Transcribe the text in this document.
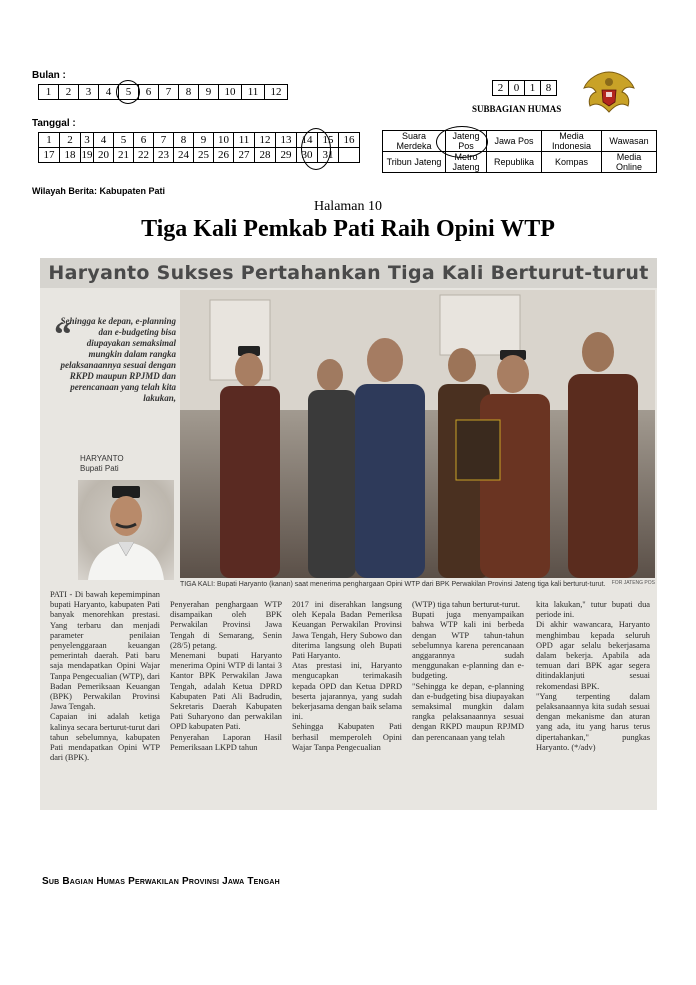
Bulan :
1	2	3	4	5	6	7	8	9	10	11	12	2	0	1	8
SUBBAGIAN HUMAS
Tanggal :
1	2	3	4	5	6	7	8	9	10	11	12	13	14	15	16
17	18	19	20	21	22	23	24	25	26	27	28	29	30	31	
Suara Merdeka	Jateng Pos	Jawa Pos	Media Indonesia	Wawasan
Tribun Jateng	Metro Jateng	Republika	Kompas	Media Online
Wilayah Berita: Kabupaten Pati
Halaman 10
Tiga Kali Pemkab Pati Raih Opini WTP
Haryanto Sukses Pertahankan Tiga Kali Berturut-turut
“
Sehingga ke depan, e-planning dan e-budgeting bisa diupayakan semaksimal mungkin dalam rangka pelaksanaannya sesuai dengan RKPD maupun RPJMD dan perencanaan yang telah kita lakukan,
HARYANTO
Bupati Pati
FOR JATENG POS
TIGA KALI: Bupati Haryanto (kanan) saat menerima penghargaan Opini WTP dari BPK Perwakilan Provinsi Jateng tiga kali berturut-turut.
PATI - Di bawah kepemimpinan bupati Haryanto, kabupaten Pati banyak menorehkan prestasi. Yang terbaru dan menjadi parameter penilaian penyelenggaraan keuangan pemerintah daerah. Pati baru saja mendapatkan Opini Wajar Tanpa Pengecualian (WTP), dari Badan Pemeriksaan Keuangan (BPK) Perwakilan Provinsi Jawa Tengah.
Capaian ini adalah ketiga kalinya secara berturut-turut dari tahun sebelumnya, kabupaten Pati mendapatkan Opini WTP dari (BPK).
Penyerahan penghargaan WTP disampaikan oleh BPK Perwakilan Provinsi Jawa Tengah di Semarang, Senin (28/5) petang.
Menemani bupati Haryanto menerima Opini WTP di lantai 3 Kantor BPK Perwakilan Jawa Tengah, adalah Ketua DPRD Kabupaten Pati Ali Badrudin, Sekretaris Daerah Kabupaten Pati Suharyono dan perwakilan OPD kabupaten Pati.
Penyerahan Laporan Hasil Pemeriksaan LKPD tahun
2017 ini diserahkan langsung oleh Kepala Badan Pemeriksa Keuangan Perwakilan Provinsi Jawa Tengah, Hery Subowo dan diterima langsung oleh Bupati Pati Haryanto.
Atas prestasi ini, Haryanto mengucapkan terimakasih kepada OPD dan Ketua DPRD beserta jajarannya, yang sudah bekerjasama dengan baik selama ini.
Sehingga Kabupaten Pati berhasil memperoleh Opini Wajar Tanpa Pengecualian
(WTP) tiga tahun berturut-turut.
Bupati juga menyampaikan bahwa WTP kali ini berbeda dengan WTP tahun-tahun sebelumnya karena perencanaan anggarannya sudah menggunakan e-planning dan e-budgeting.
"Sehingga ke depan, e-planning dan e-budgeting bisa diupayakan semaksimal mungkin dalam rangka pelaksanaannya sesuai dengan RKPD maupun RPJMD dan perencanaan yang telah
kita lakukan," tutur bupati dua periode ini.
Di akhir wawancara, Haryanto menghimbau kepada seluruh OPD agar selalu bekerjasama dalam bekerja. Apabila ada temuan dari BPK agar segera ditindaklanjuti sesuai rekomendasi BPK.
"Yang terpenting dalam pelaksanaannya kita sudah sesuai dengan mekanisme dan aturan yang ada, itu yang harus terus dipertahankan," pungkas Haryanto. (*/adv)
Sub Bagian Humas Perwakilan Provinsi Jawa Tengah
